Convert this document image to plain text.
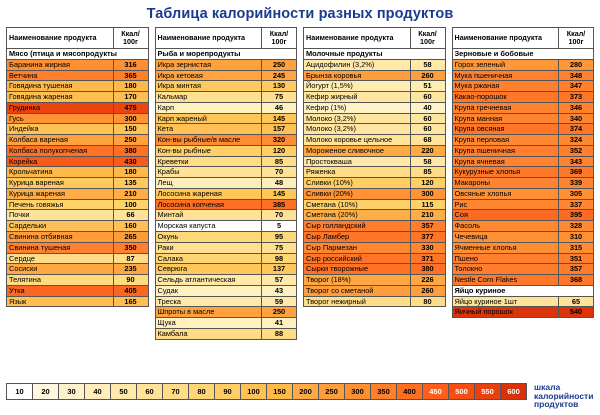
Таблица калорийности разных продуктов
Наименование продукта	Ккал/ 100г
Мясо (птица и мясопродукты	
Баранина жирная	316
Ветчина	365
Говядина тушеная	180
Говядина жареная	170
Грудинка	475
Гусь	300
Индейка	150
Колбаса вареная	250
Колбаса полукопченая	380
Корейка	430
Крольчатина	180
Курица вареная	135
Курица жареная	210
Печень говяжья	100
Почки	66
Сардельки	160
Свинина отбивная	265
Свинина тушеная	350
Сердце	87
Сосиски	235
Телятина	90
Утка	405
Язык	165
Наименование продукта	Ккал/ 100г
Рыба и морепродукты	
Икра зернистая	250
Икра кетовая	245
Икра минтая	130
Кальмар	75
Карп	46
Карп жареный	145
Кета	157
Кон-вы рыбные/в масле	320
Кон-вы рыбные	120
Креветки	85
Крабы	70
Лещ	48
Лососина жареная	145
Лососина копченая	385
Минтай	70
Морская капуста	5
Окунь	95
Раки	75
Салака	98
Севрюга	137
Сельдь атлантическая	57
Судак	43
Треска	59
Шпроты в масле	250
Щука	41
Камбала	88
Наименование продукта	Ккал/ 100г
Молочные продукты	
Ацидофилин (3,2%)	58
Брынза коровья	260
Йогурт (1,5%)	51
Кефир жирный	60
Кефир (1%)	40
Молоко (3,2%)	60
Молоко (3,2%)	60
Молоко коровье цельное	68
Мороженое сливочное	220
Простокваша	58
Ряженка	85
Сливки (10%)	120
Сливки (20%)	300
Сметана (10%)	115
Сметана (20%)	210
Сыр голландский	357
Сыр Ламбер	377
Сыр Пармезан	330
Сыр российский	371
Сырки творожные	380
Творог (18%)	226
Творог со сметаной	260
Творог нежирный	80
Наименование продукта	Ккал/ 100г
Зерновые и бобовые	
Горох зеленый	280
Мука пшеничная	348
Мука ржаная	347
Какао-порошок	373
Крупа гречневая	346
Крупа манная	340
Крупа овсяная	374
Крупа перловая	324
Крупа пшеничная	352
Крупа ячневая	343
Кукурузные хлопья	369
Макароны	339
Овсяные хлопья	305
Рис	337
Соя	395
Фасоль	328
Чечевица	310
Ячменные хлопья	315
Пшено	351
Толокно	357
Nestle Corn Flakes	368
Яйцо куриное	
Яйцо куриное 1шт	65
Яичный порошок	540
10	20	30	40	50	60	70	80	90	100	150	200	250	300	350	400	450	500	550	600	шкала
калорийности продуктов
